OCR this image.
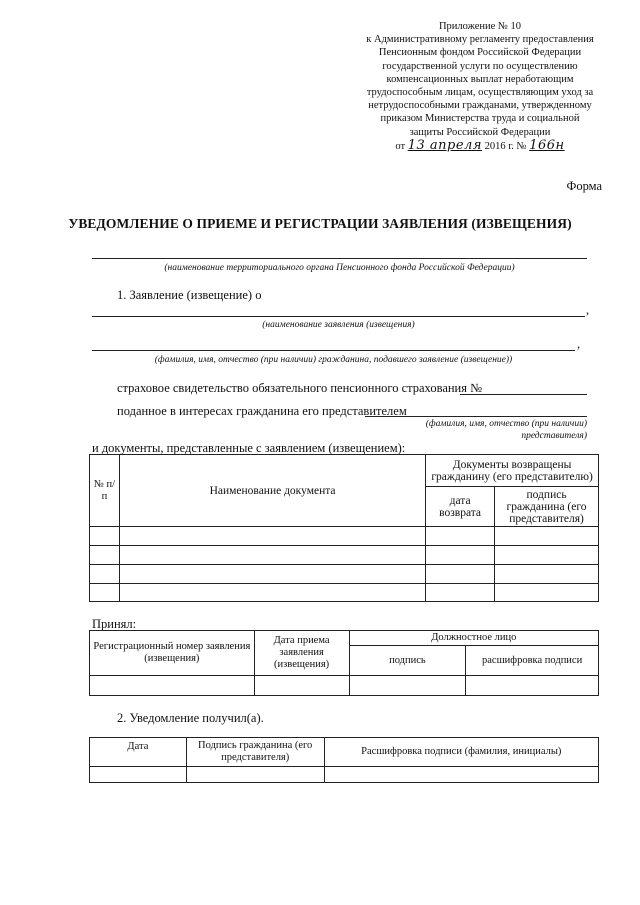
Приложение № 10
к Административному регламенту предоставления
Пенсионным фондом Российской Федерации
государственной услуги по осуществлению
компенсационных выплат неработающим
трудоспособным лицам, осуществляющим уход за
нетрудоспособными гражданами, утвержденному
приказом Министерства труда и социальной
защиты Российской Федерации
от 13 апреля 2016 г. № 166н
Форма
УВЕДОМЛЕНИЕ О ПРИЕМЕ И РЕГИСТРАЦИИ ЗАЯВЛЕНИЯ (ИЗВЕЩЕНИЯ)
(наименование территориального органа Пенсионного фонда Российской Федерации)
1. Заявление (извещение) о
,
(наименование заявления (извещения)
,
(фамилия, имя, отчество (при наличии) гражданина, подавшего заявление (извещение))
страховое свидетельство обязательного пенсионного страхования №
поданное в интересах гражданина его представителем
(фамилия, имя, отчество (при наличии)
представителя)
и документы, представленные с заявлением (извещением):
№ п/п	Наименование документа	Документы возвращены гражданину (его представителю)	
		дата возврата	подпись гражданина (его представителя)

Принял:
Регистрационный номер заявления (извещения)	Дата приема заявления (извещения)	Должностное лицо	
		подпись	расшифровка подписи

2. Уведомление получил(а).
Дата	Подпись гражданина (его представителя)	Расшифровка подписи (фамилия, инициалы)
